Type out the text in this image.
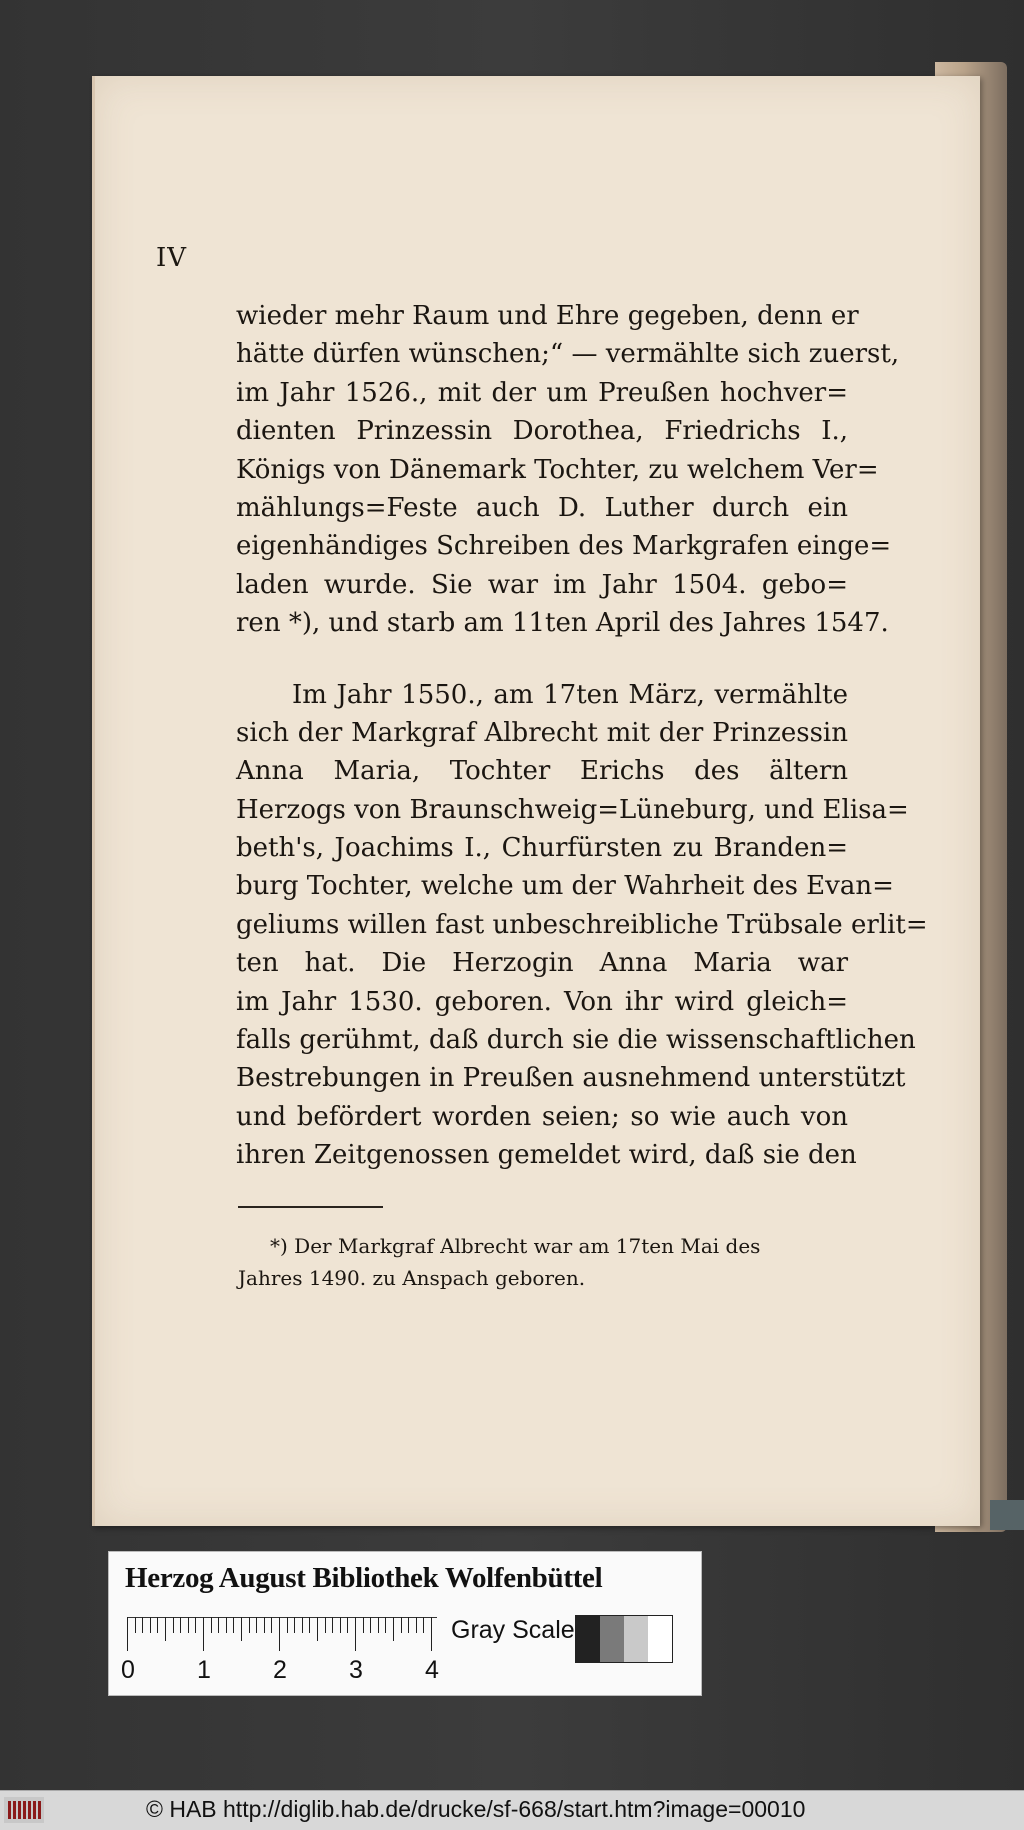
IV
wieder mehr Raum und Ehre gegeben, denn er
hätte dürfen wünschen;“ — vermählte sich zuerst,
im Jahr 1526., mit der um Preußen hochver=
dienten Prinzessin Dorothea, Friedrichs I.,
Königs von Dänemark Tochter, zu welchem Ver=
mählungs=Feste auch D. Luther durch ein
eigenhändiges Schreiben des Markgrafen einge=
laden wurde. Sie war im Jahr 1504. gebo=
ren *), und starb am 11ten April des Jahres 1547.
Im Jahr 1550., am 17ten März, vermählte
sich der Markgraf Albrecht mit der Prinzessin
Anna Maria, Tochter Erichs des ältern
Herzogs von Braunschweig=Lüneburg, und Elisa=
beth's, Joachims I., Churfürsten zu Branden=
burg Tochter, welche um der Wahrheit des Evan=
geliums willen fast unbeschreibliche Trübsale erlit=
ten hat. Die Herzogin Anna Maria war
im Jahr 1530. geboren. Von ihr wird gleich=
falls gerühmt, daß durch sie die wissenschaftlichen
Bestrebungen in Preußen ausnehmend unterstützt
und befördert worden seien; so wie auch von
ihren Zeitgenossen gemeldet wird, daß sie den
*) Der Markgraf Albrecht war am 17ten Mai des
Jahres 1490. zu Anspach geboren.
Herzog August Bibliothek Wolfenbüttel
0 1 2 3 4
Gray Scale
© HAB http://diglib.hab.de/drucke/sf-668/start.htm?image=00010
